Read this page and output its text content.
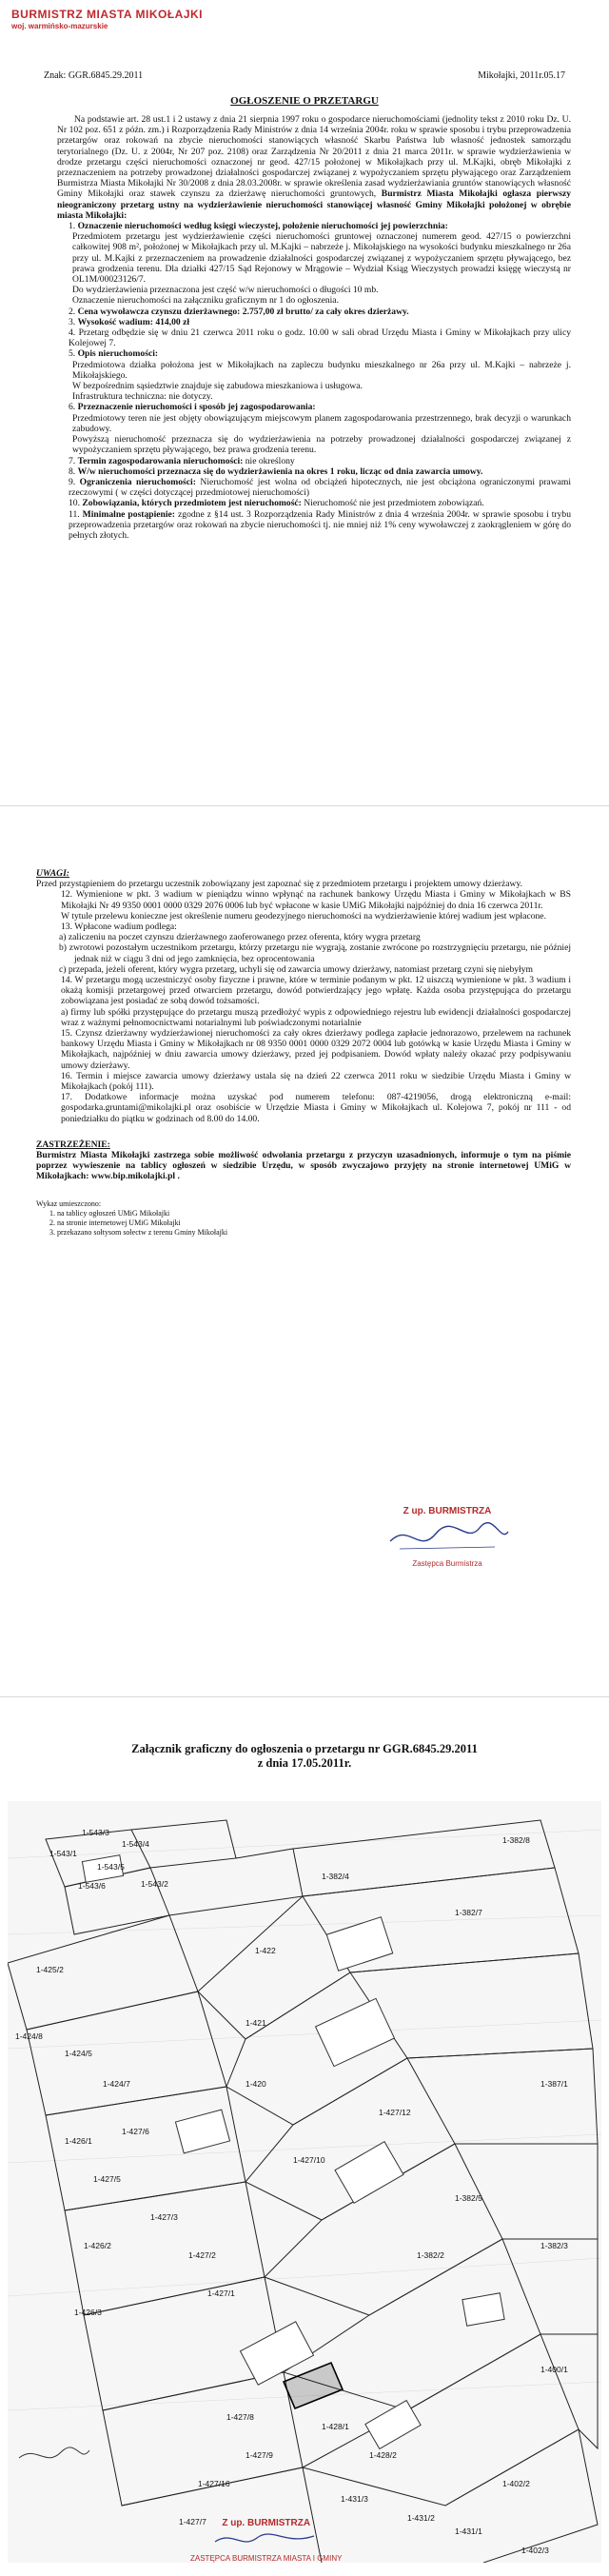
BURMISTRZ MIASTA MIKOŁAJKI
woj. warmińsko-mazurskie
Znak: GGR.6845.29.2011	Mikołajki, 2011r.05.17
OGŁOSZENIE O PRZETARGU

Na podstawie art. 28 ust.1 i 2 ustawy z dnia 21 sierpnia 1997 roku o gospodarce nieruchomościami (jednolity tekst z 2010 roku Dz. U. Nr 102 poz. 651 z późn. zm.) i Rozporządzenia Rady Ministrów z dnia 14 września 2004r. roku w sprawie sposobu i trybu przeprowadzenia przetargów oraz rokowań na zbycie nieruchomości stanowiących własność Skarbu Państwa lub własność jednostek samorządu terytorialnego (Dz. U. z 2004r, Nr 207 poz. 2108) oraz Zarządzenia Nr 20/2011 z dnia 21 marca 2011r. w sprawie wydzierżawienia w drodze przetargu części nieruchomości oznaczonej nr geod. 427/15 położonej w Mikołajkach przy ul. M.Kajki, obręb Mikołajki z przeznaczeniem na potrzeby prowadzonej działalności gospodarczej związanej z wypożyczaniem sprzętu pływającego oraz Zarządzeniem Burmistrza Miasta Mikołajki Nr 30/2008 z dnia 28.03.2008r. w sprawie określenia zasad wydzierżawiania gruntów stanowiących własność Gminy Mikołajki oraz stawek czynszu za dzierżawę nieruchomości gruntowych, Burmistrz Miasta Mikołajki ogłasza pierwszy nieograniczony przetarg ustny na wydzierżawienie nieruchomości stanowiącej własność Gminy Mikołajki położonej w obrębie miasta Mikołajki:

1. Oznaczenie nieruchomości według księgi wieczystej, położenie nieruchomości jej powierzchnia:
Przedmiotem przetargu jest wydzierżawienie części nieruchomości gruntowej oznaczonej numerem geod. 427/15 o powierzchni całkowitej 908 m², położonej w Mikołajkach przy ul. M.Kajki – nabrzeże j. Mikołajskiego na wysokości budynku mieszkalnego nr 26a przy ul. M.Kajki z przeznaczeniem na prowadzenie działalności gospodarczej związanej z wypożyczaniem sprzętu pływającego, bez prawa grodzenia terenu. Dla działki 427/15 Sąd Rejonowy w Mrągowie – Wydział Ksiąg Wieczystych prowadzi księgę wieczystą nr OL1M/00023126/7.
Do wydzierżawienia przeznaczona jest część w/w nieruchomości o długości 10 mb.
Oznaczenie nieruchomości na załączniku graficznym nr 1 do ogłoszenia.
2. Cena wywoławcza czynszu dzierżawnego: 2.757,00 zł brutto/ za cały okres dzierżawy.
3. Wysokość wadium: 414,00 zł
4. Przetarg odbędzie się w dniu 21 czerwca 2011 roku o godz. 10.00 w sali obrad Urzędu Miasta i Gminy w Mikołajkach przy ulicy Kolejowej 7.
5. Opis nieruchomości:
Przedmiotowa działka położona jest w Mikołajkach na zapleczu budynku mieszkalnego nr 26a przy ul. M.Kajki – nabrzeże j. Mikołajskiego.
W bezpośrednim sąsiedztwie znajduje się zabudowa mieszkaniowa i usługowa.
Infrastruktura techniczna: nie dotyczy.
6. Przeznaczenie nieruchomości i sposób jej zagospodarowania:
Przedmiotowy teren nie jest objęty obowiązującym miejscowym planem zagospodarowania przestrzennego, brak decyzji o warunkach zabudowy.
Powyższą nieruchomość przeznacza się do wydzierżawienia na potrzeby prowadzonej działalności gospodarczej związanej z wypożyczaniem sprzętu pływającego, bez prawa grodzenia terenu.
7. Termin zagospodarowania nieruchomości: nie określony
8. W/w nieruchomości przeznacza się do wydzierżawienia na okres 1 roku, licząc od dnia zawarcia umowy.
9. Ograniczenia nieruchomości: Nieruchomość jest wolna od obciążeń hipotecznych, nie jest obciążona ograniczonymi prawami rzeczowymi ( w części dotyczącej przedmiotowej nieruchomości)
10. Zobowiązania, których przedmiotem jest nieruchomość: Nieruchomość nie jest przedmiotem zobowiązań.
11. Minimalne postąpienie: zgodne z §14 ust. 3 Rozporządzenia Rady Ministrów z dnia 4 września 2004r. w sprawie sposobu i trybu przeprowadzenia przetargów oraz rokowań na zbycie nieruchomości tj. nie mniej niż 1% ceny wywoławczej z zaokrągleniem w górę do pełnych złotych.

UWAGI:

Przed przystąpieniem do przetargu uczestnik zobowiązany jest zapoznać się z przedmiotem przetargu i projektem umowy dzierżawy.

12. Wymienione w pkt. 3 wadium w pieniądzu winno wpłynąć na rachunek bankowy Urzędu Miasta i Gminy w Mikołajkach w BS Mikołajki Nr 49 9350 0001 0000 0329 2076 0006 lub być wpłacone w kasie UMiG Mikołajki najpóźniej do dnia 16 czerwca 2011r.

W tytule przelewu konieczne jest określenie numeru geodezyjnego nieruchomości na wydzierżawienie której wadium jest wpłacone.

13. Wpłacone wadium podlega:

a) zaliczeniu na poczet czynszu dzierżawnego zaoferowanego przez oferenta, który wygra przetarg

b) zwrotowi pozostałym uczestnikom przetargu, którzy przetargu nie wygrają, zostanie zwrócone po rozstrzygnięciu przetargu, nie później jednak niż w ciągu 3 dni od jego zamknięcia, bez oprocentowania

c) przepada, jeżeli oferent, który wygra przetarg, uchyli się od zawarcia umowy dzierżawy, natomiast przetarg czyni się niebyłym

14. W przetargu mogą uczestniczyć osoby fizyczne i prawne, które w terminie podanym w pkt. 12 uiszczą wymienione w pkt. 3 wadium i okażą komisji przetargowej przed otwarciem przetargu, dowód potwierdzający jego wpłatę. Każda osoba przystępująca do przetargu zobowiązana jest posiadać ze sobą dowód tożsamości.

a) firmy lub spółki przystępujące do przetargu muszą przedłożyć wypis z odpowiedniego rejestru lub ewidencji działalności gospodarczej wraz z ważnymi pełnomocnictwami notarialnymi lub poświadczonymi notarialnie

15. Czynsz dzierżawny wydzierżawionej nieruchomości za cały okres dzierżawy podlega zapłacie jednorazowo, przelewem na rachunek bankowy Urzędu Miasta i Gminy w Mikołajkach nr 08 9350 0001 0000 0329 2072 0004 lub gotówką w kasie Urzędu Miasta i Gminy w Mikołajkach, najpóźniej w dniu zawarcia umowy dzierżawy, przed jej podpisaniem. Dowód wpłaty należy okazać przy podpisywaniu umowy dzierżawy.

16. Termin i miejsce zawarcia umowy dzierżawy ustala się na dzień 22 czerwca 2011 roku w siedzibie Urzędu Miasta i Gminy w Mikołajkach (pokój 111).

17. Dodatkowe informacje można uzyskać pod numerem telefonu: 087-4219056, drogą elektroniczną e-mail: gospodarka.gruntami@mikolajki.pl oraz osobiście w Urzędzie Miasta i Gminy w Mikołajkach ul. Kolejowa 7, pokój nr 111 - od poniedziałku do piątku w godzinach od 8.00 do 14.00.

ZASTRZEŻENIE:

Burmistrz Miasta Mikołajki zastrzega sobie możliwość odwołania przetargu z przyczyn uzasadnionych, informuje o tym na piśmie poprzez wywieszenie na tablicy ogłoszeń w siedzibie Urzędu, w sposób zwyczajowo przyjęty na stronie internetowej UMiG w Mikołajkach: www.bip.mikolajki.pl .

Wykaz umieszczono:
1. na tablicy ogłoszeń UMiG Mikołajki
2. na stronie internetowej UMiG Mikołajki
3. przekazano sołtysom sołectw z terenu Gminy Mikołajki
Z up. BURMISTRZA
Zastępca Burmistrza
Załącznik graficzny do ogłoszenia o przetargu nr GGR.6845.29.2011
z dnia 17.05.2011r.
1-543/3
1-543/4
1-543/1
1-543/5
1-543/6	1-543/2
1-425/2
1-382/4
1-382/8
1-382/7
1-422
1-421
1-420
1-424/8
1-424/5
1-424/7
1-427/6
1-427/5
1-427/3
1-427/2
1-427/1
1-427/10
1-427/12
1-387/1
1-382/5
1-382/2
1-382/3
1-428/1
1-428/2
1-427/8
1-427/9
1-427/16
1-427/7
1-431/3
1-431/2
1-431/1
1-426/1
1-426/2
1-426/3
1-402/2
1-402/3
1-400/1
Z up. BURMISTRZA
ZASTĘPCA BURMISTRZA MIASTA I GMINY
